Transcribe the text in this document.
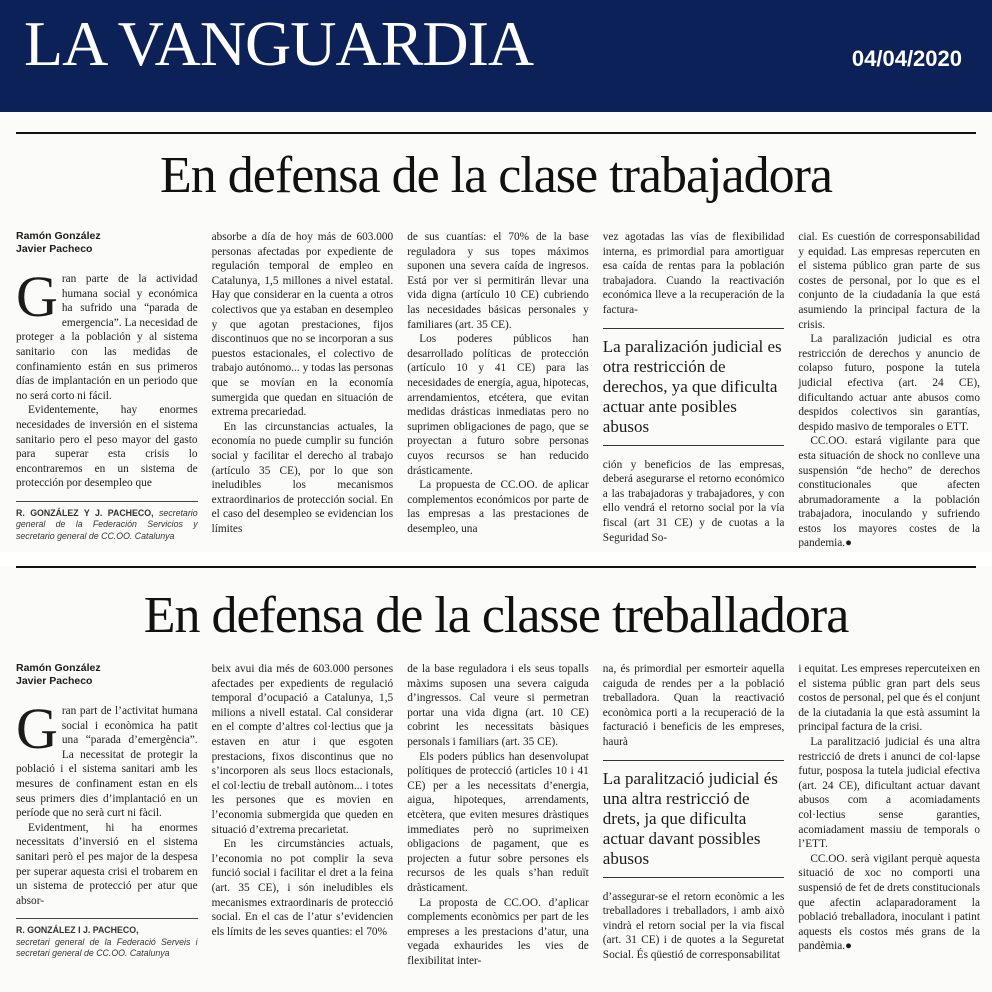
LA VANGUARDIA	04/04/2020
En defensa de la clase trabajadora
Ramón González
Javier Pacheco

Gran parte de la actividad humana social y económica ha sufrido una “parada de emergencia”. La necesidad de proteger a la población y al sistema sanitario con las medidas de confinamiento están en sus primeros días de implantación en un periodo que no será corto ni fácil.

Evidentemente, hay enormes necesidades de inversión en el sistema sanitario pero el peso mayor del gasto para superar esta crisis lo encontraremos en un sistema de protección por desempleo que

R. GONZÁLEZ Y J. PACHECO, secretario general de la Federación Servicios y secretario general de CC.OO. Catalunya

absorbe a día de hoy más de 603.000 personas afectadas por expediente de regulación temporal de empleo en Catalunya, 1,5 millones a nivel estatal. Hay que considerar en la cuenta a otros colectivos que ya estaban en desempleo y que agotan prestaciones, fijos discontinuos que no se incorporan a sus puestos estacionales, el colectivo de trabajo autónomo... y todas las personas que se movían en la economía sumergida que quedan en situación de extrema precariedad.

En las circunstancias actuales, la economía no puede cumplir su función social y facilitar el derecho al trabajo (artículo 35 CE), por lo que son ineludibles los mecanismos extraordinarios de protección social. En el caso del desempleo se evidencian los límites

de sus cuantías: el 70% de la base reguladora y sus topes máximos suponen una severa caída de ingresos. Está por ver si permitirán llevar una vida digna (artículo 10 CE) cubriendo las necesidades básicas personales y familiares (art. 35 CE).

Los poderes públicos han desarrollado políticas de protección (artículo 10 y 41 CE) para las necesidades de energía, agua, hipotecas, arrendamientos, etcétera, que evitan medidas drásticas inmediatas pero no suprimen obligaciones de pago, que se proyectan a futuro sobre personas cuyos recursos se han reducido drásticamente.

La propuesta de CC.OO. de aplicar complementos económicos por parte de las empresas a las prestaciones de desempleo, una

vez agotadas las vías de flexibilidad interna, es primordial para amortiguar esa caída de rentas para la población trabajadora. Cuando la reactivación económica lleve a la recuperación de la factura-

La paralización judicial es otra restricción de derechos, ya que dificulta actuar ante posibles abusos

ción y beneficios de las empresas, deberá asegurarse el retorno económico a las trabajadoras y trabajadores, y con ello vendrá el retorno social por la vía fiscal (art 31 CE) y de cuotas a la Seguridad So-

cial. Es cuestión de corresponsabilidad y equidad. Las empresas repercuten en el sistema público gran parte de sus costes de personal, por lo que es el conjunto de la ciudadanía la que está asumiendo la principal factura de la crisis.

La paralización judicial es otra restricción de derechos y anuncio de colapso futuro, pospone la tutela judicial efectiva (art. 24 CE), dificultando actuar ante abusos como despidos colectivos sin garantías, despido masivo de temporales o ETT.

CC.OO. estará vigilante para que esta situación de shock no conlleve una suspensión “de hecho” de derechos constitucionales que afecten abrumadoramente a la población trabajadora, inoculando y sufriendo estos los mayores costes de la pandemia.●

En defensa de la classe treballadora
Ramón González
Javier Pacheco

Gran part de l’activitat humana social i econòmica ha patit una “parada d’emergència”. La necessitat de protegir la població i el sistema sanitari amb les mesures de confinament estan en els seus primers dies d’implantació en un període que no serà curt ni fàcil.

Evidentment, hi ha enormes necessitats d’inversió en el sistema sanitari però el pes major de la despesa per superar aquesta crisi el trobarem en un sistema de protecció per atur que absor-

R. GONZÁLEZ I J. PACHECO,
secretari general de la Federació Serveis i secretari general de CC.OO. Catalunya

beix avui dia més de 603.000 persones afectades per expedients de regulació temporal d’ocupació a Catalunya, 1,5 milions a nivell estatal. Cal considerar en el compte d’altres col·lectius que ja estaven en atur i que esgoten prestacions, fixos discontinus que no s’incorporen als seus llocs estacionals, el col·lectiu de treball autònom... i totes les persones que es movien en l’economia submergida que queden en situació d’extrema precarietat.

En les circumstàncies actuals, l’economia no pot complir la seva funció social i facilitar el dret a la feina (art. 35 CE), i són ineludibles els mecanismes extraordinaris de protecció social. En el cas de l’atur s’evidencien els límits de les seves quanties: el 70%

de la base reguladora i els seus topalls màxims suposen una severa caiguda d’ingressos. Cal veure si permetran portar una vida digna (art. 10 CE) cobrint les necessitats bàsiques personals i familiars (art. 35 CE).

Els poders públics han desenvolupat polítiques de protecció (articles 10 i 41 CE) per a les necessitats d’energia, aigua, hipoteques, arrendaments, etcètera, que eviten mesures dràstiques immediates però no suprimeixen obligacions de pagament, que es projecten a futur sobre persones els recursos de les quals s’han reduït dràsticament.

La proposta de CC.OO. d’aplicar complements econòmics per part de les empreses a les prestacions d’atur, una vegada exhaurides les vies de flexibilitat inter-

na, és primordial per esmorteir aquella caiguda de rendes per a la població treballadora. Quan la reactivació econòmica porti a la recuperació de la facturació i beneficis de les empreses, haurà

La paralització judicial és una altra restricció de drets, ja que dificulta actuar davant possibles abusos

d’assegurar-se el retorn econòmic a les treballadores i treballadors, i amb això vindrà el retorn social per la via fiscal (art. 31 CE) i de quotes a la Seguretat Social. És qüestió de corresponsabilitat

i equitat. Les empreses repercuteixen en el sistema públic gran part dels seus costos de personal, pel que és el conjunt de la ciutadania la que està assumint la principal factura de la crisi.

La paralització judicial és una altra restricció de drets i anunci de col·lapse futur, posposa la tutela judicial efectiva (art. 24 CE), dificultant actuar davant abusos com a acomiadaments col·lectius sense garanties, acomiadament massiu de temporals o l’ETT.

CC.OO. serà vigilant perquè aquesta situació de xoc no comporti una suspensió de fet de drets constitucionals que afectin aclaparadorament la població treballadora, inoculant i patint aquests els costos més grans de la pandèmia.●
